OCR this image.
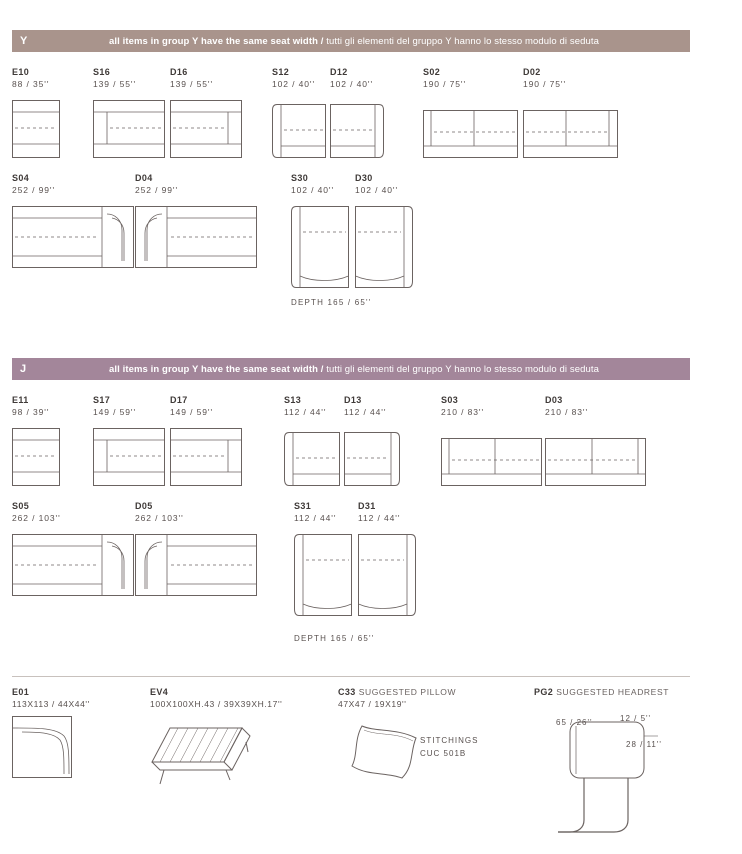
Y	all items in group Y have the same seat width / tutti gli elementi del gruppo Y hanno lo stesso modulo di seduta
E10
88 / 35''
S16
139 / 55''
D16
139 / 55''
S12
102 / 40''
D12
102 / 40''
S02
190 / 75''
D02
190 / 75''
S04
252 / 99''
D04
252 / 99''
S30
102 / 40''
D30
102 / 40''
DEPTH 165 / 65''
J	all items in group Y have the same seat width / tutti gli elementi del gruppo Y hanno lo stesso modulo di seduta
E11
98 / 39''
S17
149 / 59''
D17
149 / 59''
S13
112 / 44''
D13
112 / 44''
S03
210 / 83''
D03
210 / 83''
S05
262 / 103''
D05
262 / 103''
S31
112 / 44''
D31
112 / 44''
DEPTH 165 / 65''
E01
113X113 / 44X44''
EV4
100X100XH.43 / 39X39XH.17''
C33 SUGGESTED PILLOW
47X47 / 19X19''
PG2 SUGGESTED HEADREST
STITCHINGS
CUC 501B
65 / 26''	12 / 5''
28 / 11''
